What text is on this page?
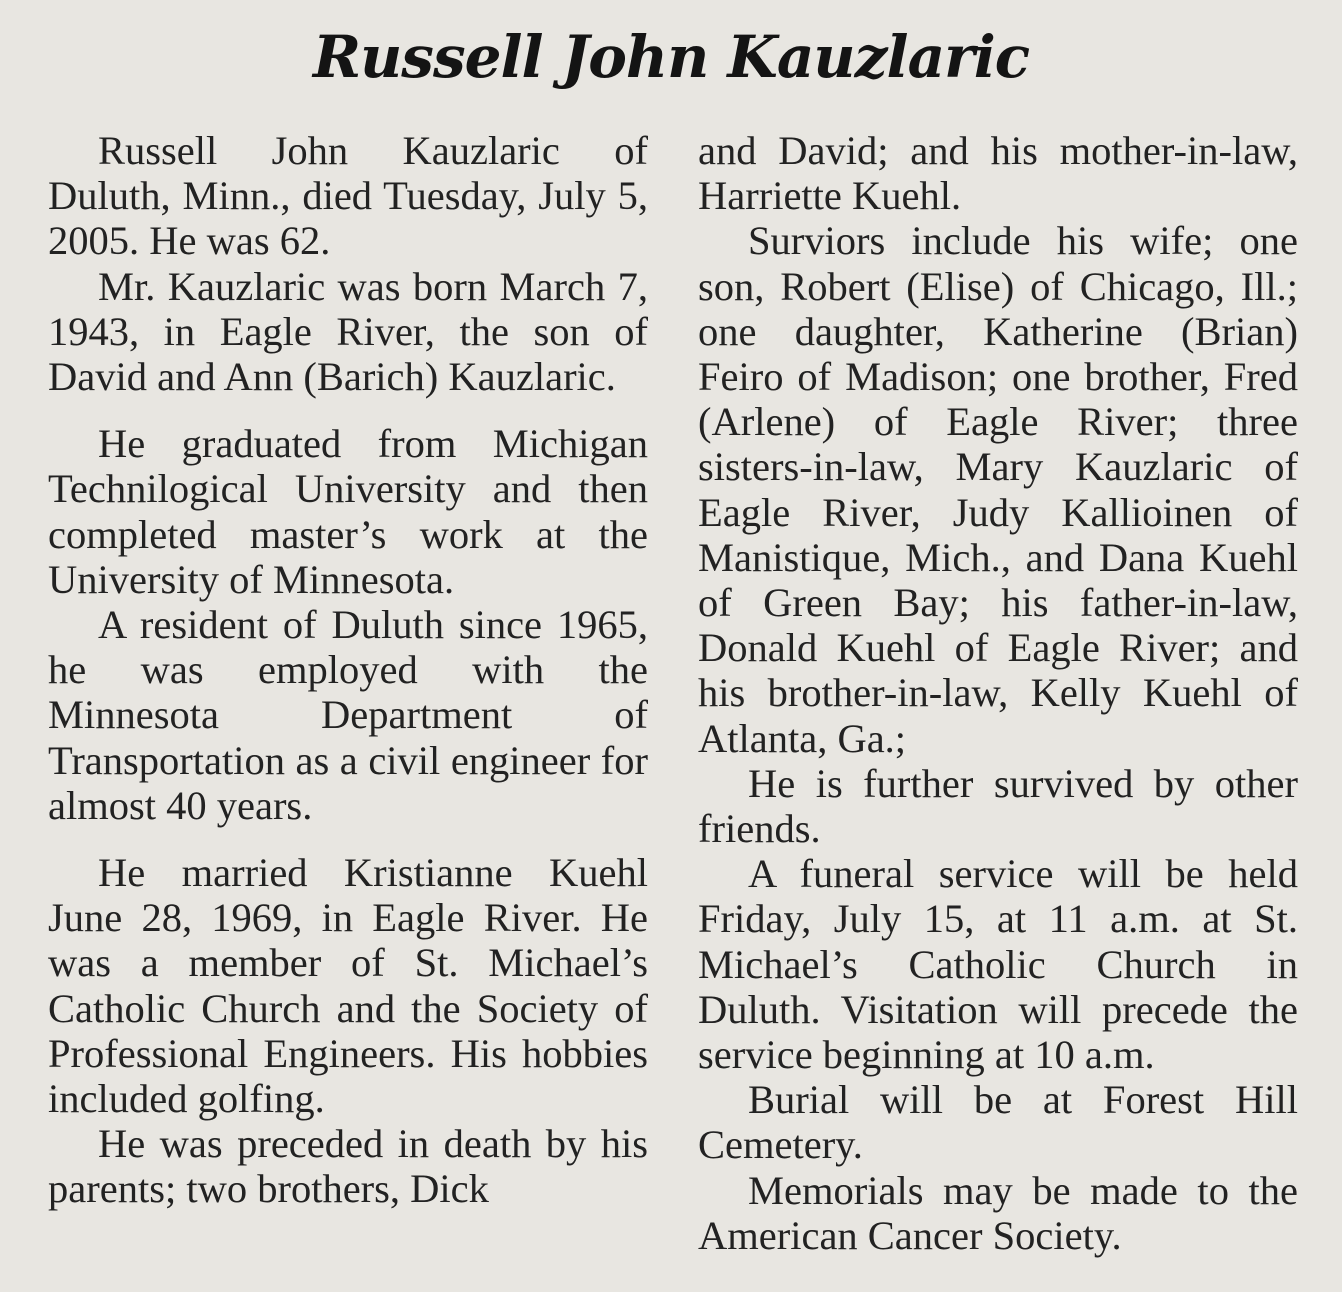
Russell John Kauzlaric

Russell John Kauzlaric of Duluth, Minn., died Tuesday, July 5, 2005. He was 62.

Mr. Kauzlaric was born March 7, 1943, in Eagle River, the son of David and Ann (Barich) Kauzlaric.

He graduated from Michigan Technilogical University and then completed master’s work at the University of Minnesota.

A resident of Duluth since 1965, he was employed with the Minnesota Department of Transportation as a civil engineer for almost 40 years.

He married Kristianne Kuehl June 28, 1969, in Eagle River. He was a member of St. Michael’s Catholic Church and the Society of Professional Engineers. His hobbies included golfing.

He was preceded in death by his parents; two brothers, Dick

and David; and his mother-in-law, Harriette Kuehl.

Surviors include his wife; one son, Robert (Elise) of Chicago, Ill.; one daughter, Katherine (Brian) Feiro of Madison; one brother, Fred (Arlene) of Eagle River; three sisters-in-law, Mary Kauzlaric of Eagle River, Judy Kallioinen of Manistique, Mich., and Dana Kuehl of Green Bay; his father-in-law, Donald Kuehl of Eagle River; and his brother-in-law, Kelly Kuehl of Atlanta, Ga.;

He is further survived by other friends.

A funeral service will be held Friday, July 15, at 11 a.m. at St. Michael’s Catholic Church in Duluth. Visitation will precede the service beginning at 10 a.m.

Burial will be at Forest Hill Cemetery.

Memorials may be made to the American Cancer Society.
